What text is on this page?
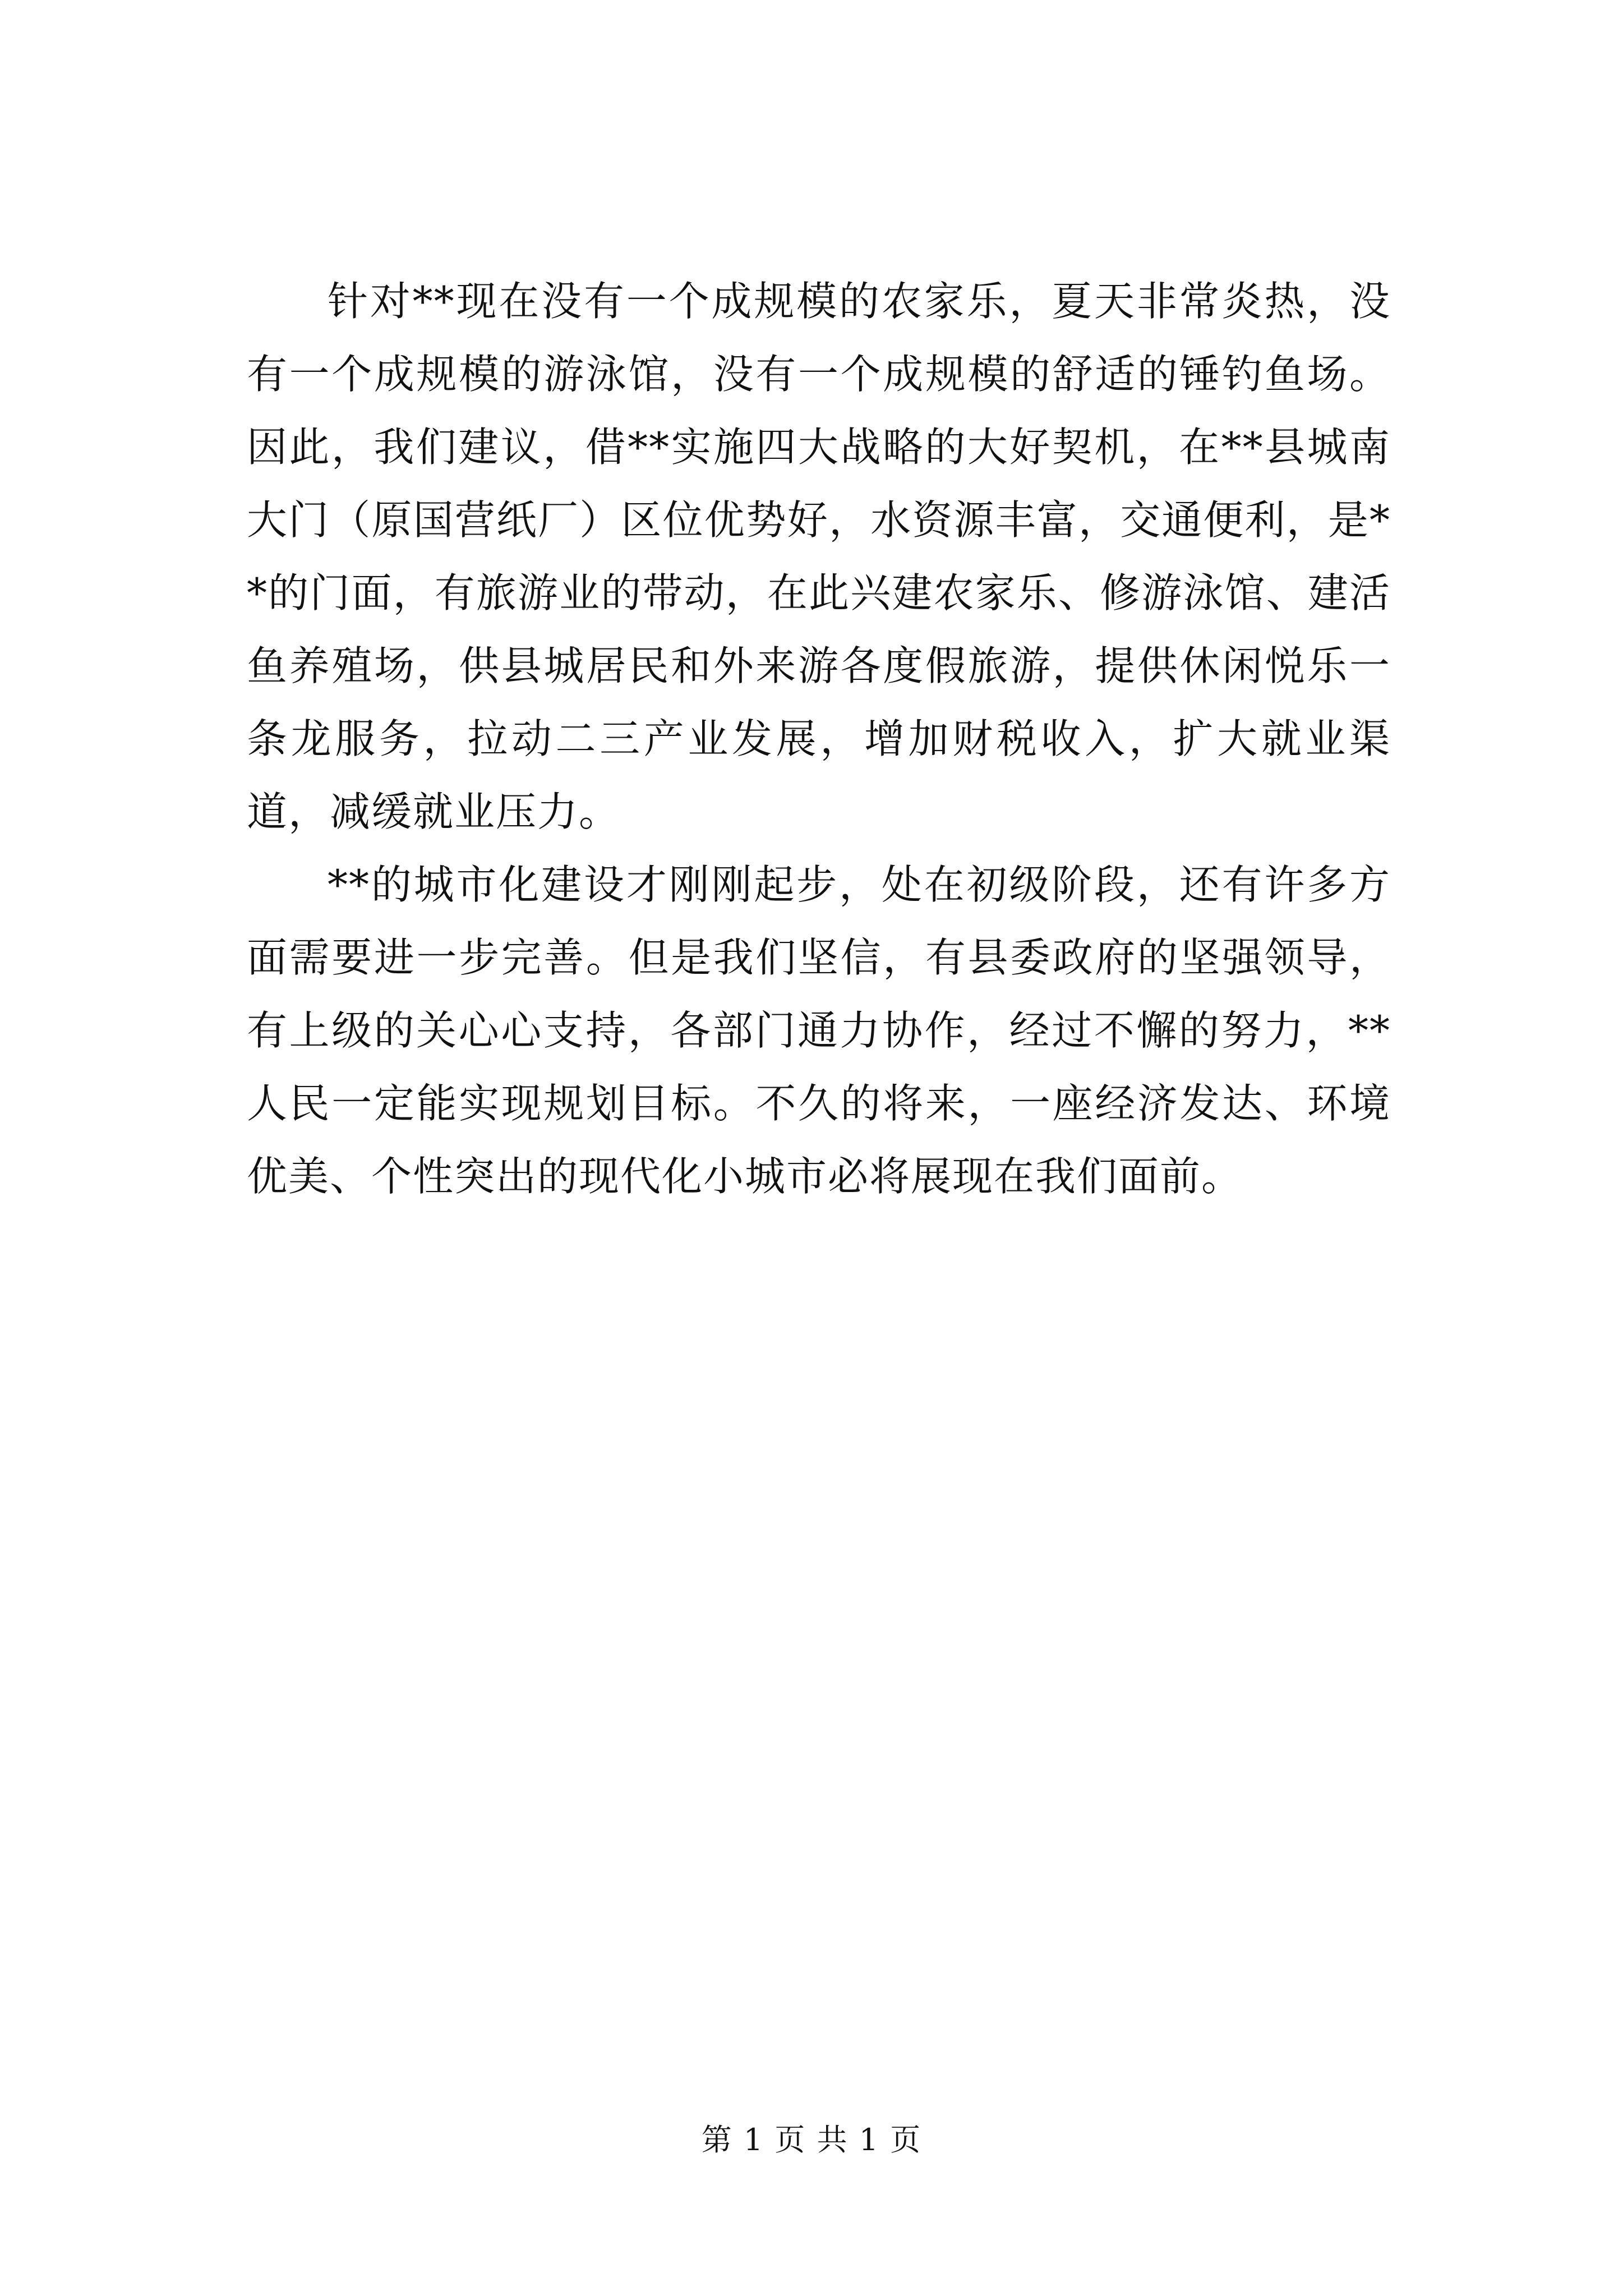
针对**现在没有一个成规模的农家乐，夏天非常炎热，没有一个成规模的游泳馆，没有一个成规模的舒适的锤钓鱼场。因此，我们建议，借**实施四大战略的大好契机，在**县城南大门（原国营纸厂）区位优势好，水资源丰富，交通便利，是**的门面，有旅游业的带动，在此兴建农家乐、修游泳馆、建活鱼养殖场，供县城居民和外来游各度假旅游，提供休闲悦乐一条龙服务，拉动二三产业发展，增加财税收入，扩大就业渠道，减缓就业压力。

**的城市化建设才刚刚起步，处在初级阶段，还有许多方面需要进一步完善。但是我们坚信，有县委政府的坚强领导，有上级的关心心支持，各部门通力协作，经过不懈的努力，**人民一定能实现规划目标。不久的将来，一座经济发达、环境优美、个性突出的现代化小城市必将展现在我们面前。

第 1 页 共 1 页
